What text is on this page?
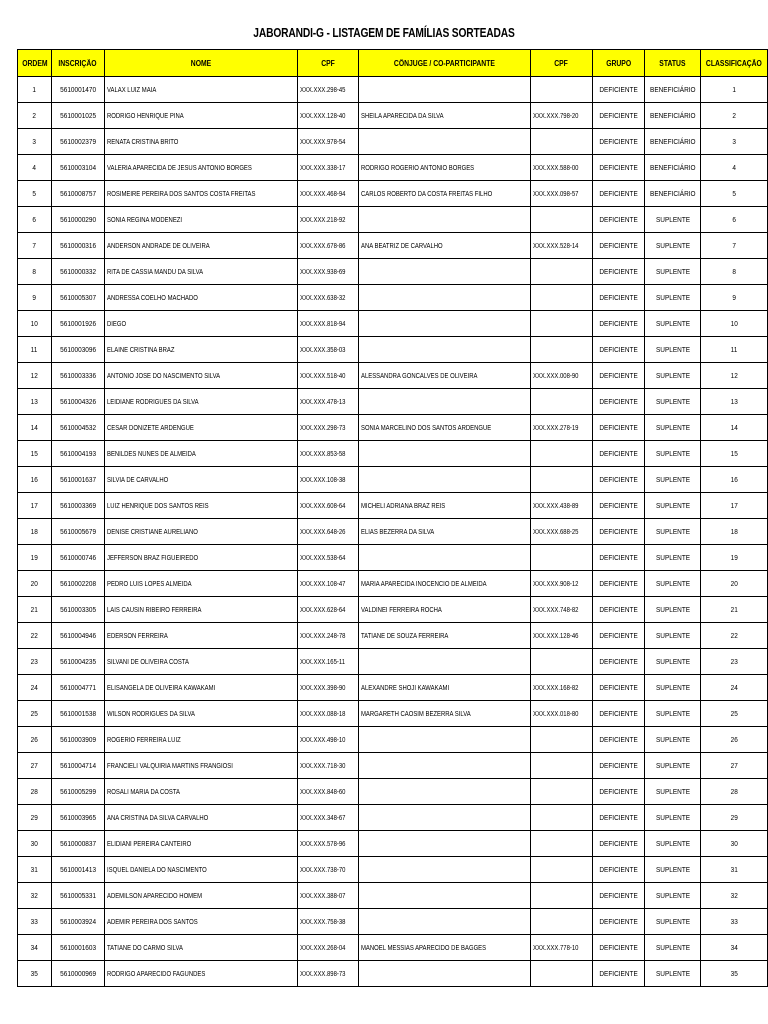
JABORANDI-G - LISTAGEM DE FAMÍLIAS SORTEADAS
ORDEM	INSCRIÇÃO	NOME	CPF	CÔNJUGE / CO-PARTICIPANTE	CPF	GRUPO	STATUS	CLASSIFICAÇÃO
1	5610001470	VALAX LUIZ MAIA	XXX.XXX.298-45			DEFICIENTE	BENEFICIÁRIO	1
2	5610001025	RODRIGO HENRIQUE PINA	XXX.XXX.128-40	SHEILA APARECIDA DA SILVA	XXX.XXX.798-20	DEFICIENTE	BENEFICIÁRIO	2
3	5610002379	RENATA CRISTINA BRITO	XXX.XXX.978-54			DEFICIENTE	BENEFICIÁRIO	3
4	5610003104	VALERIA APARECIDA DE JESUS ANTONIO BORGES	XXX.XXX.338-17	RODRIGO ROGERIO ANTONIO BORGES	XXX.XXX.588-00	DEFICIENTE	BENEFICIÁRIO	4
5	5610008757	ROSIMEIRE PEREIRA DOS SANTOS COSTA FREITAS	XXX.XXX.468-94	CARLOS ROBERTO DA COSTA FREITAS FILHO	XXX.XXX.098-57	DEFICIENTE	BENEFICIÁRIO	5
6	5610000290	SONIA REGINA MODENEZI	XXX.XXX.218-92			DEFICIENTE	SUPLENTE	6
7	5610000316	ANDERSON ANDRADE DE OLIVEIRA	XXX.XXX.678-86	ANA BEATRIZ DE CARVALHO	XXX.XXX.528-14	DEFICIENTE	SUPLENTE	7
8	5610000332	RITA DE CASSIA MANDU DA SILVA	XXX.XXX.938-69			DEFICIENTE	SUPLENTE	8
9	5610005307	ANDRESSA COELHO MACHADO	XXX.XXX.638-32			DEFICIENTE	SUPLENTE	9
10	5610001926	DIEGO	XXX.XXX.818-94			DEFICIENTE	SUPLENTE	10
11	5610003096	ELAINE CRISTINA BRAZ	XXX.XXX.358-03			DEFICIENTE	SUPLENTE	11
12	5610003336	ANTONIO JOSE DO NASCIMENTO SILVA	XXX.XXX.518-40	ALESSANDRA GONCALVES DE OLIVEIRA	XXX.XXX.008-90	DEFICIENTE	SUPLENTE	12
13	5610004326	LEIDIANE RODRIGUES DA SILVA	XXX.XXX.478-13			DEFICIENTE	SUPLENTE	13
14	5610004532	CESAR DONIZETE ARDENGUE	XXX.XXX.298-73	SONIA MARCELINO DOS SANTOS ARDENGUE	XXX.XXX.278-19	DEFICIENTE	SUPLENTE	14
15	5610004193	BENILDES NUNES DE ALMEIDA	XXX.XXX.853-58			DEFICIENTE	SUPLENTE	15
16	5610001637	SILVIA DE CARVALHO	XXX.XXX.108-38			DEFICIENTE	SUPLENTE	16
17	5610003369	LUIZ HENRIQUE DOS SANTOS REIS	XXX.XXX.608-64	MICHELI ADRIANA BRAZ REIS	XXX.XXX.438-89	DEFICIENTE	SUPLENTE	17
18	5610005679	DENISE CRISTIANE AURELIANO	XXX.XXX.648-26	ELIAS BEZERRA DA SILVA	XXX.XXX.688-25	DEFICIENTE	SUPLENTE	18
19	5610000746	JEFFERSON BRAZ FIGUEIREDO	XXX.XXX.538-64			DEFICIENTE	SUPLENTE	19
20	5610002208	PEDRO LUIS LOPES ALMEIDA	XXX.XXX.108-47	MARIA APARECIDA INOCENCIO DE ALMEIDA	XXX.XXX.908-12	DEFICIENTE	SUPLENTE	20
21	5610003305	LAIS CAUSIN RIBEIRO FERREIRA	XXX.XXX.628-64	VALDINEI FERREIRA ROCHA	XXX.XXX.748-82	DEFICIENTE	SUPLENTE	21
22	5610004946	EDERSON FERREIRA	XXX.XXX.248-78	TATIANE DE SOUZA FERREIRA	XXX.XXX.128-46	DEFICIENTE	SUPLENTE	22
23	5610004235	SILVANI DE OLIVEIRA COSTA	XXX.XXX.165-11			DEFICIENTE	SUPLENTE	23
24	5610004771	ELISANGELA DE OLIVEIRA KAWAKAMI	XXX.XXX.398-90	ALEXANDRE SHOJI KAWAKAMI	XXX.XXX.168-82	DEFICIENTE	SUPLENTE	24
25	5610001538	WILSON RODRIGUES DA SILVA	XXX.XXX.088-18	MARGARETH CAOSIM BEZERRA SILVA	XXX.XXX.018-80	DEFICIENTE	SUPLENTE	25
26	5610003909	ROGERIO FERREIRA LUIZ	XXX.XXX.498-10			DEFICIENTE	SUPLENTE	26
27	5610004714	FRANCIELI VALQUIRIA MARTINS FRANGIOSI	XXX.XXX.718-30			DEFICIENTE	SUPLENTE	27
28	5610005299	ROSALI MARIA DA COSTA	XXX.XXX.848-60			DEFICIENTE	SUPLENTE	28
29	5610003965	ANA CRISTINA DA SILVA CARVALHO	XXX.XXX.348-67			DEFICIENTE	SUPLENTE	29
30	5610000837	ELIDIANI PEREIRA CANTEIRO	XXX.XXX.578-96			DEFICIENTE	SUPLENTE	30
31	5610001413	ISQUEL DANIELA DO NASCIMENTO	XXX.XXX.738-70			DEFICIENTE	SUPLENTE	31
32	5610005331	ADEMILSON APARECIDO HOMEM	XXX.XXX.388-07			DEFICIENTE	SUPLENTE	32
33	5610003924	ADEMIR PEREIRA DOS SANTOS	XXX.XXX.758-38			DEFICIENTE	SUPLENTE	33
34	5610001603	TATIANE DO CARMO SILVA	XXX.XXX.268-04	MANOEL MESSIAS APARECIDO DE BAGGES	XXX.XXX.778-10	DEFICIENTE	SUPLENTE	34
35	5610000969	RODRIGO APARECIDO FAGUNDES	XXX.XXX.898-73			DEFICIENTE	SUPLENTE	35
